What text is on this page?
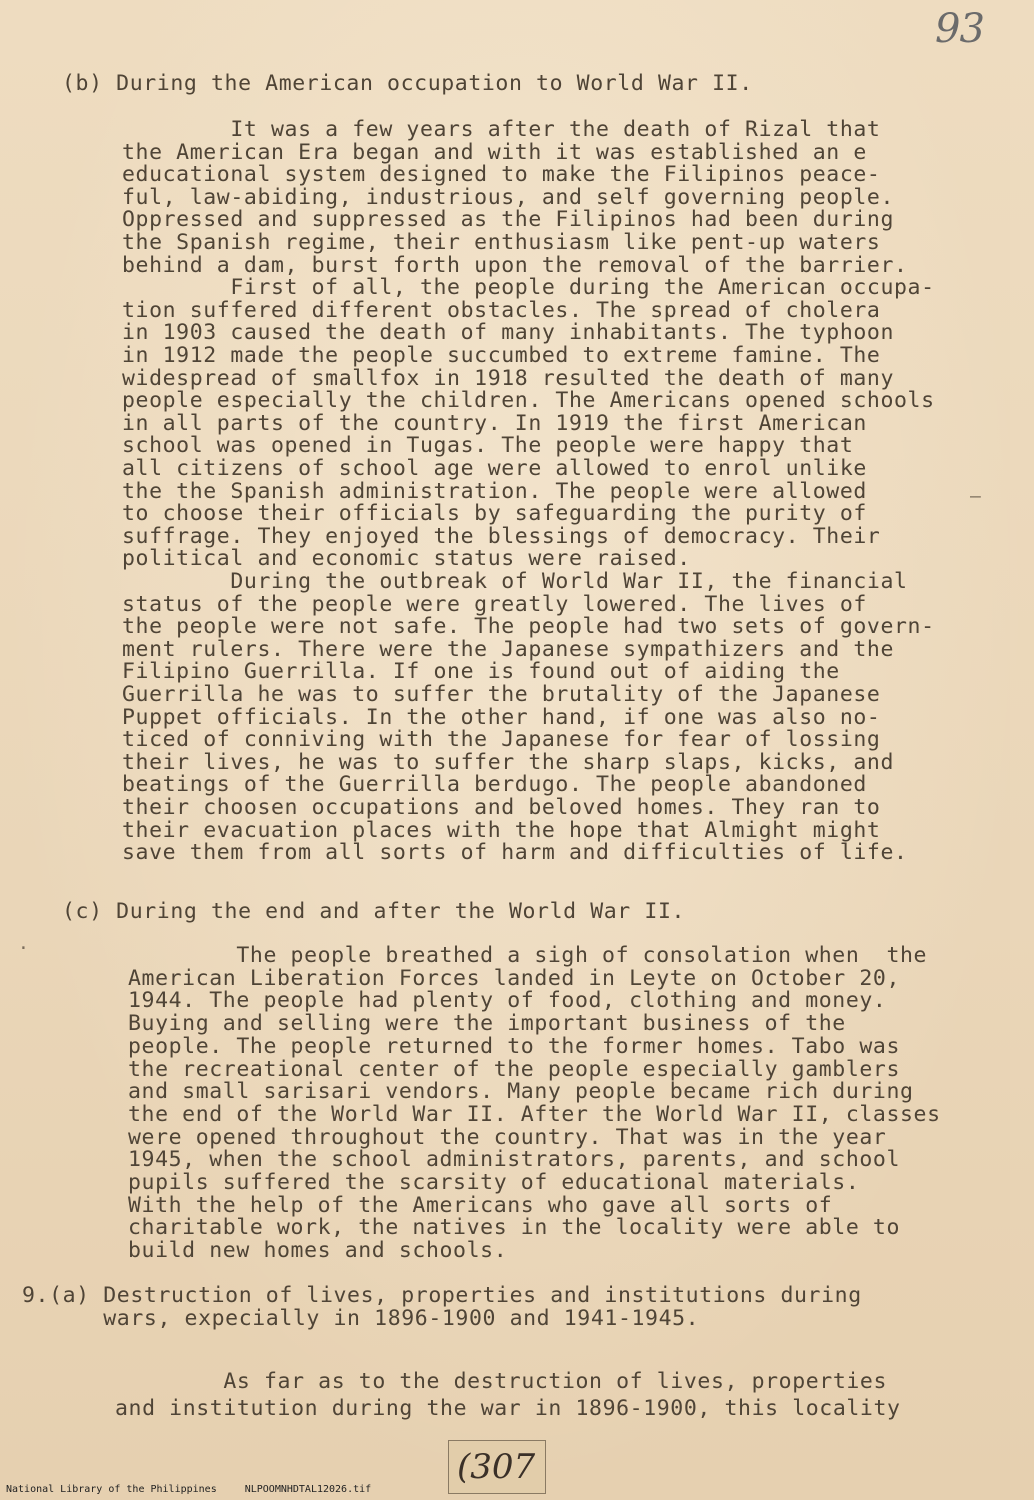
93
(b) During the American occupation to World War II.
It was a few years after the death of Rizal that
the American Era began and with it was established an e
educational system designed to make the Filipinos peace-
ful, law-abiding, industrious, and self governing people.
Oppressed and suppressed as the Filipinos had been during
the Spanish regime, their enthusiasm like pent-up waters
behind a dam, burst forth upon the removal of the barrier.
First of all, the people during the American occupa-
tion suffered different obstacles. The spread of cholera
in 1903 caused the death of many inhabitants. The typhoon
in 1912 made the people succumbed to extreme famine. The
widespread of smallfox in 1918 resulted the death of many
people especially the children. The Americans opened schools
in all parts of the country. In 1919 the first American
school was opened in Tugas. The people were happy that
all citizens of school age were allowed to enrol unlike
the the Spanish administration. The people were allowed
to choose their officials by safeguarding the purity of
suffrage. They enjoyed the blessings of democracy. Their
political and economic status were raised.
During the outbreak of World War II, the financial
status of the people were greatly lowered. The lives of
the people were not safe. The people had two sets of govern-
ment rulers. There were the Japanese sympathizers and the
Filipino Guerrilla. If one is found out of aiding the
Guerrilla he was to suffer the brutality of the Japanese
Puppet officials. In the other hand, if one was also no-
ticed of conniving with the Japanese for fear of lossing
their lives, he was to suffer the sharp slaps, kicks, and
beatings of the Guerrilla berdugo. The people abandoned
their choosen occupations and beloved homes. They ran to
their evacuation places with the hope that Almight might
save them from all sorts of harm and difficulties of life.
(c) During the end and after the World War II.
The people breathed a sigh of consolation when  the
American Liberation Forces landed in Leyte on October 20,
1944. The people had plenty of food, clothing and money.
Buying and selling were the important business of the
people. The people returned to the former homes. Tabo was
the recreational center of the people especially gamblers
and small sarisari vendors. Many people became rich during
the end of the World War II. After the World War II, classes
were opened throughout the country. That was in the year
1945, when the school administrators, parents, and school
pupils suffered the scarsity of educational materials.
With the help of the Americans who gave all sorts of
charitable work, the natives in the locality were able to
build new homes and schools.
9.(a) Destruction of lives, properties and institutions during
wars, expecially in 1896-1900 and 1941-1945.
As far as to the destruction of lives, properties
and institution during the war in 1896-1900, this locality
–
·
(307
National Library of the Philippines	NLPOOMNHDTAL12026.tif
